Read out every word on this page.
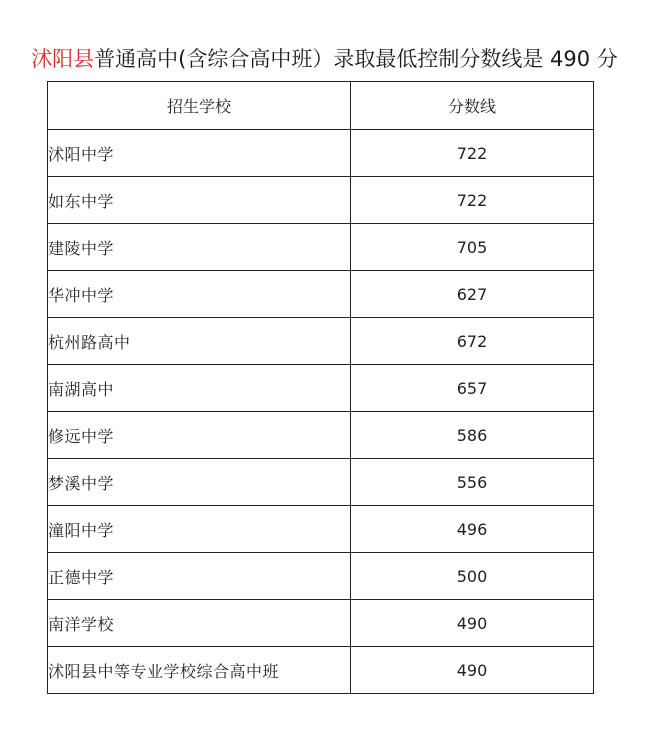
沭阳县普通高中(含综合高中班）录取最低控制分数线是 490 分
招生学校	分数线
沭阳中学	722
如东中学	722
建陵中学	705
华冲中学	627
杭州路高中	672
南湖高中	657
修远中学	586
梦溪中学	556
潼阳中学	496
正德中学	500
南洋学校	490
沭阳县中等专业学校综合高中班	490
